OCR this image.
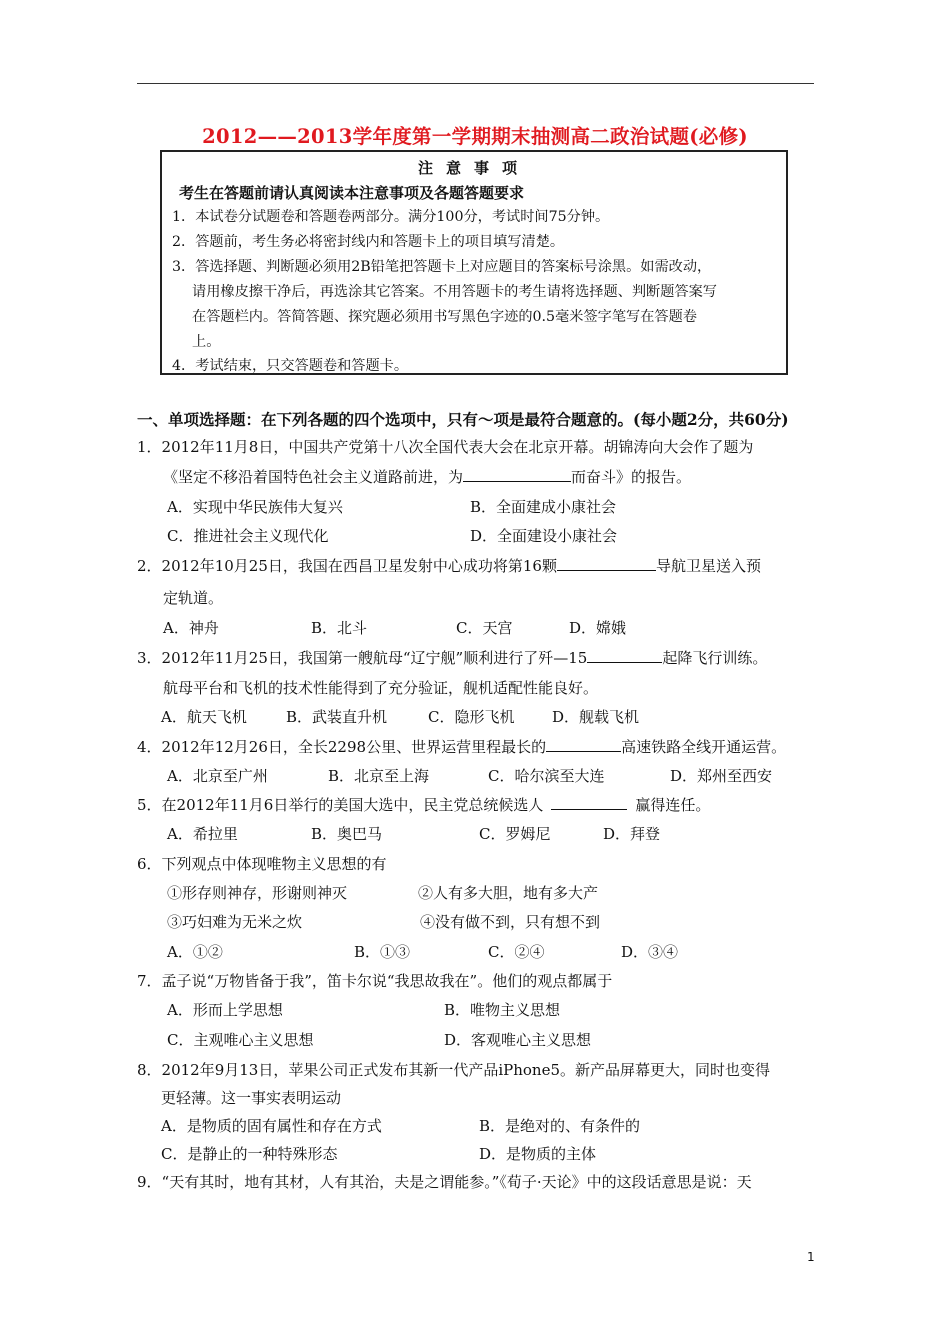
2012——2013学年度第一学期期末抽测高二政治试题(必修)
注意事项
考生在答题前请认真阅读本注意事项及各题答题要求
1．本试卷分试题卷和答题卷两部分。满分100分，考试时间75分钟。
2．答题前，考生务必将密封线内和答题卡上的项目填写清楚。
3．答选择题、判断题必须用2B铅笔把答题卡上对应题目的答案标号涂黑。如需改动，
请用橡皮擦干净后，再选涂其它答案。不用答题卡的考生请将选择题、判断题答案写
在答题栏内。答简答题、探究题必须用书写黑色字迹的0.5毫米签字笔写在答题卷
上。
4．考试结束，只交答题卷和答题卡。
一、单项选择题：在下列各题的四个选项中，只有～项是最符合题意的。(每小题2分，共60分)
1．2012年11月8日，中国共产党第十八次全国代表大会在北京开幕。胡锦涛向大会作了题为
《坚定不移沿着国特色社会主义道路前进，为	而奋斗》的报告。
A．实现中华民族伟大复兴	B．全面建成小康社会
C．推进社会主义现代化	D．全面建设小康社会
2．2012年10月25日，我国在西昌卫星发射中心成功将第16颗	导航卫星送入预
定轨道。
A．神舟	B．北斗	C．天宫	D．嫦娥
3．2012年11月25日，我国第一艘航母“辽宁舰”顺利进行了歼—15	起降飞行训练。
航母平台和飞机的技术性能得到了充分验证，舰机适配性能良好。
A．航天飞机	B．武装直升机	C．隐形飞机	D．舰载飞机
4．2012年12月26日，全长2298公里、世界运营里程最长的	高速铁路全线开通运营。
A．北京至广州	B．北京至上海	C．哈尔滨至大连	D．郑州至西安
5．在2012年11月6日举行的美国大选中，民主党总统候选人	赢得连任。
A．希拉里	B．奥巴马	C．罗姆尼	D．拜登
6．下列观点中体现唯物主义思想的有
①形存则神存，形谢则神灭	②人有多大胆，地有多大产
③巧妇难为无米之炊	④没有做不到，只有想不到
A．①②	B．①③	C．②④	D．③④
7．孟子说“万物皆备于我”，笛卡尔说“我思故我在”。他们的观点都属于
A．形而上学思想	B．唯物主义思想
C．主观唯心主义思想	D．客观唯心主义思想
8．2012年9月13日，苹果公司正式发布其新一代产品iPhone5。新产品屏幕更大，同时也变得
更轻薄。这一事实表明运动
A．是物质的固有属性和存在方式	B．是绝对的、有条件的
C．是静止的一种特殊形态	D．是物质的主体
9．“天有其时，地有其材，人有其治，夫是之谓能参。”《荀子·天论》中的这段话意思是说：天
1
